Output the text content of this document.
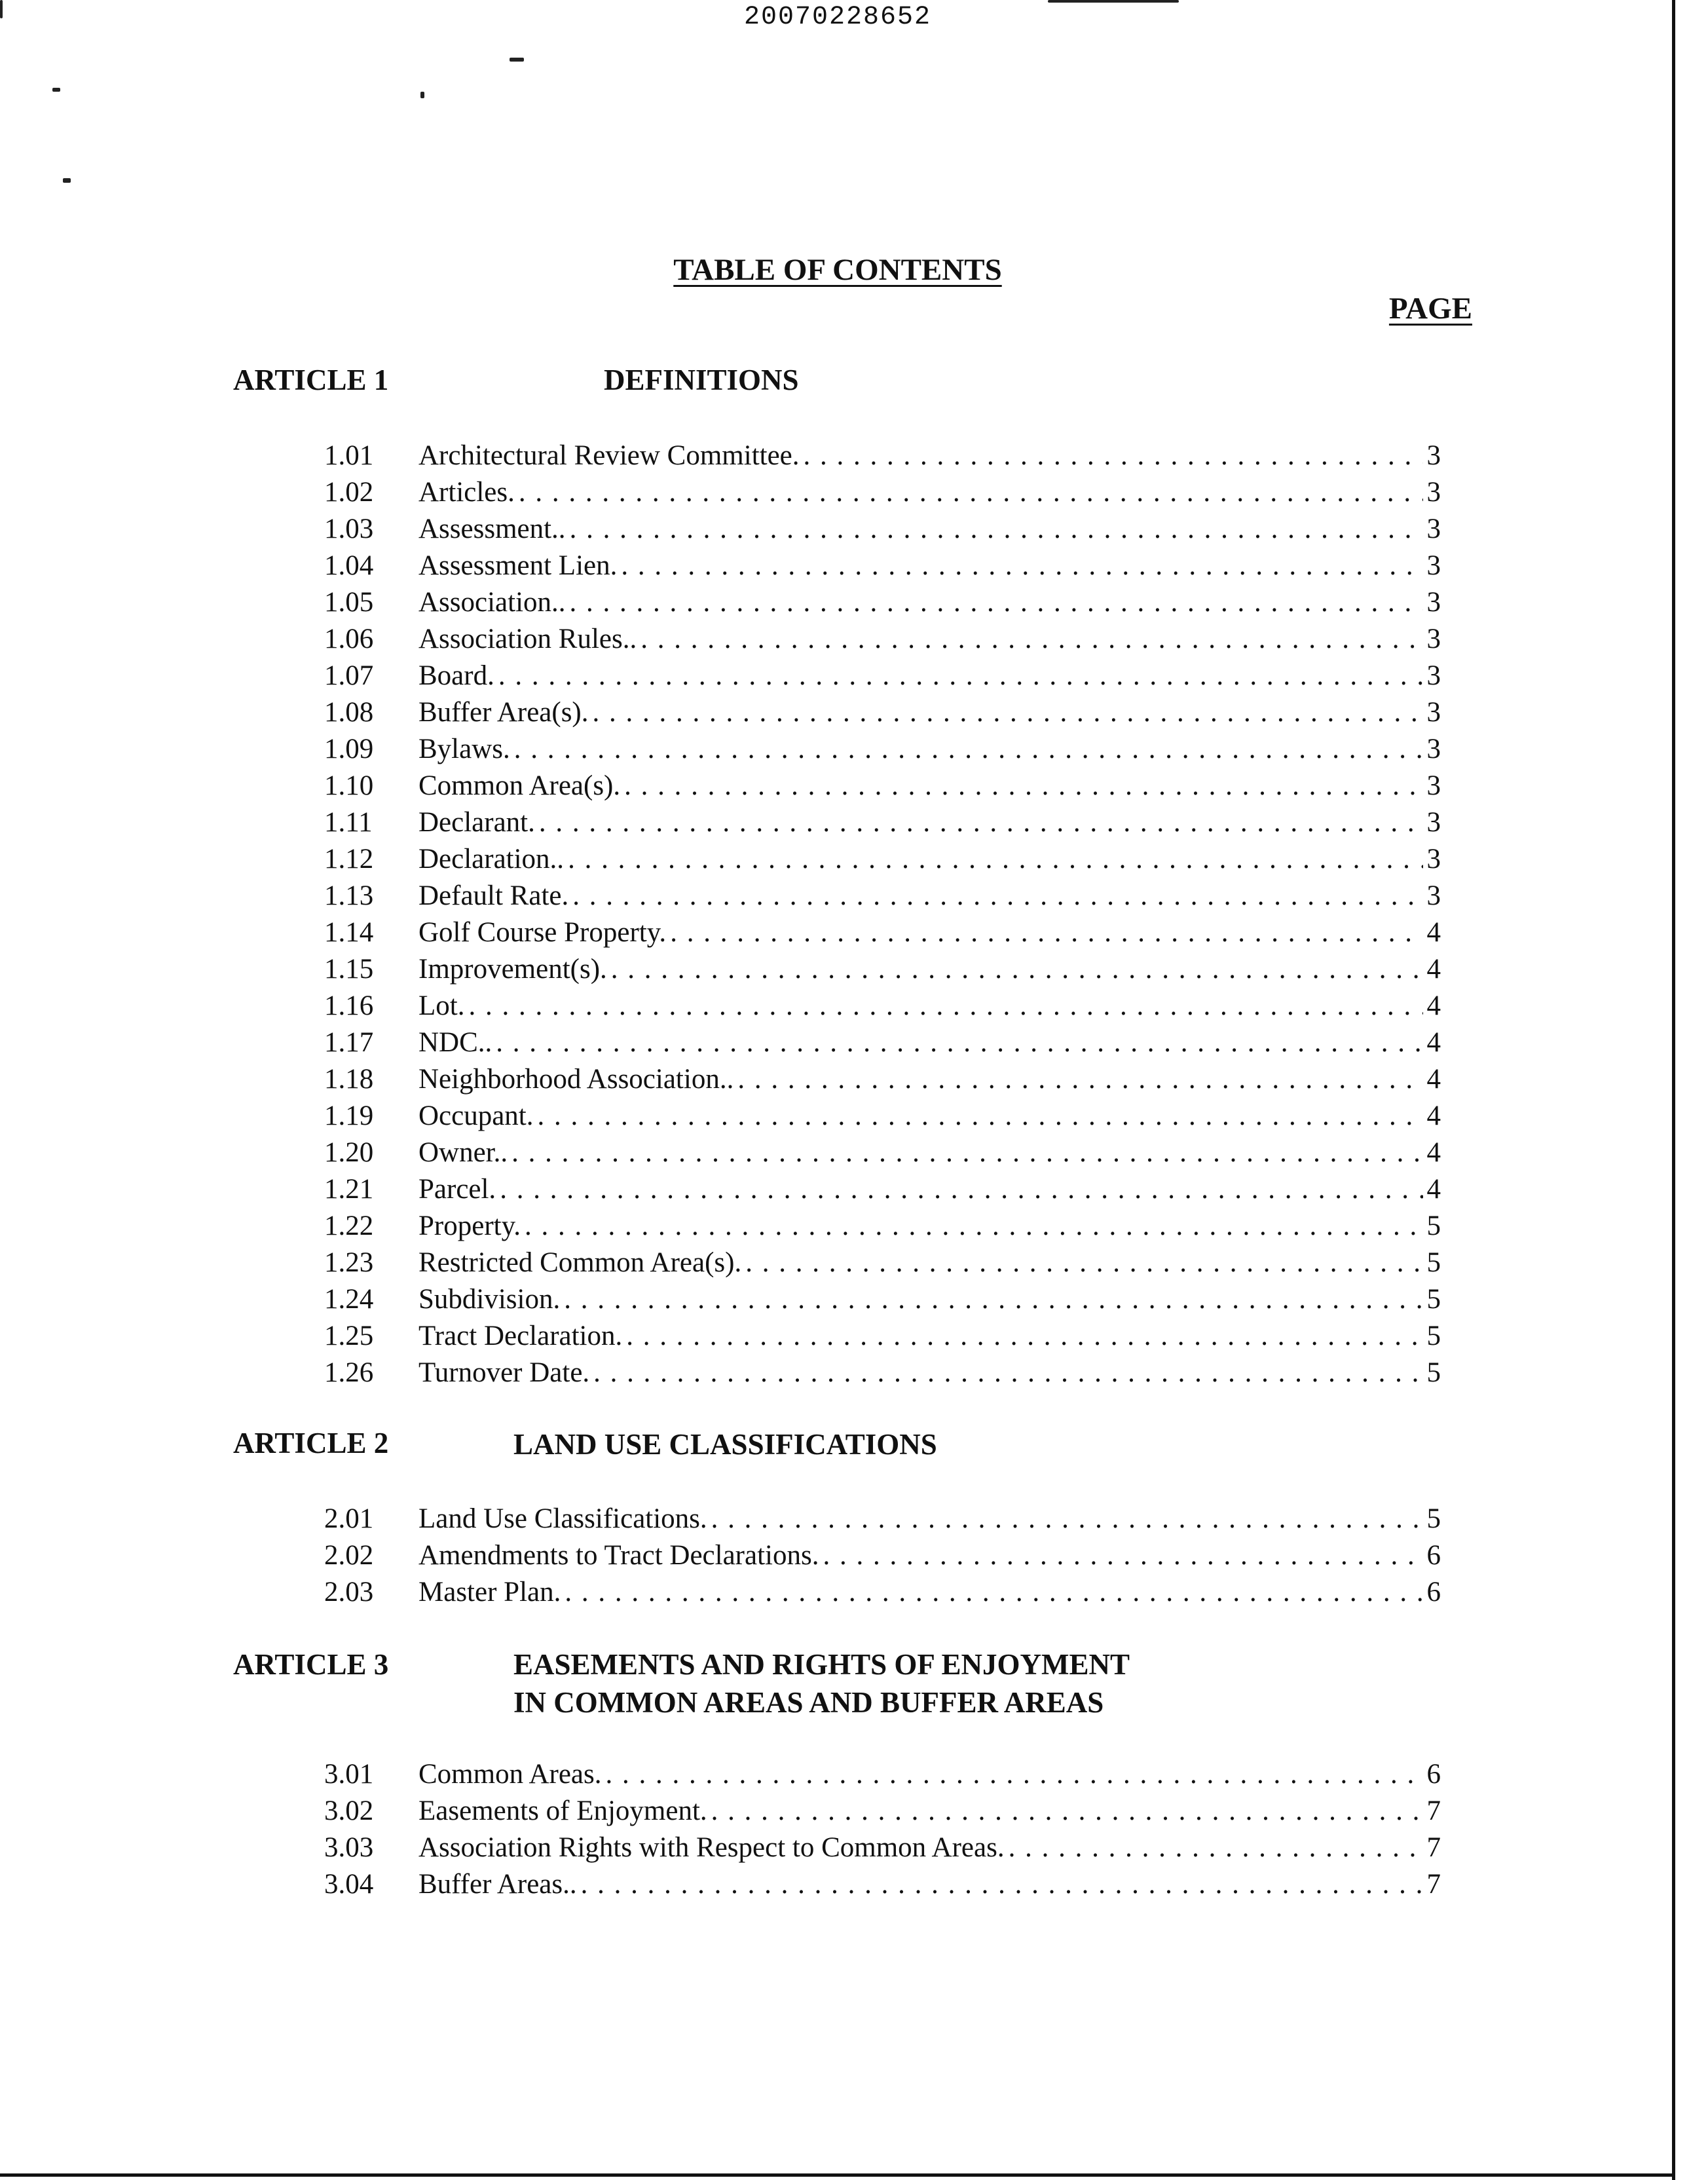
20070228652
TABLE OF CONTENTS
PAGE
ARTICLE 1	DEFINITIONS
1.01	Architectural Review Committee. . . .	3
1.02	Articles. . . .	3
1.03	Assessment.. . . .	3
1.04	Assessment Lien. . . .	3
1.05	Association.. . . .	3
1.06	Association Rules.. . . .	3
1.07	Board. . . .	3
1.08	Buffer Area(s). . . .	3
1.09	Bylaws. . . .	3
1.10	Common Area(s). . . .	3
1.11	Declarant. . . .	3
1.12	Declaration.. . . .	3
1.13	Default Rate. . . .	3
1.14	Golf Course Property. . . .	4
1.15	Improvement(s). . . .	4
1.16	Lot. . . .	4
1.17	NDC.. . . .	4
1.18	Neighborhood Association.. . . .	4
1.19	Occupant. . . .	4
1.20	Owner.. . . .	4
1.21	Parcel. . . .	4
1.22	Property. . . .	5
1.23	Restricted Common Area(s). . . .	5
1.24	Subdivision. . . .	5
1.25	Tract Declaration. . . .	5
1.26	Turnover Date. . . .	5
ARTICLE 2	LAND USE CLASSIFICATIONS
2.01	Land Use Classifications. . . .	5
2.02	Amendments to Tract Declarations. . . .	6
2.03	Master Plan. . . .	6
ARTICLE 3	EASEMENTS AND RIGHTS OF ENJOYMENT
IN COMMON AREAS AND BUFFER AREAS
3.01	Common Areas. . . .	6
3.02	Easements of Enjoyment. . . .	7
3.03	Association Rights with Respect to Common Areas. . . .	7
3.04	Buffer Areas.. . . .	7
